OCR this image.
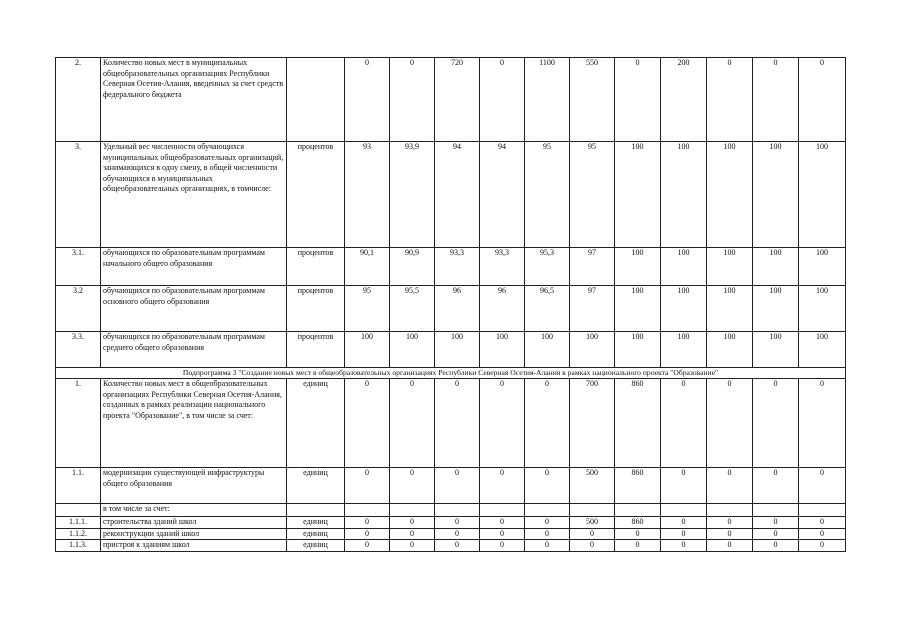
2.	Количество новых мест в муниципальных общеобразовательных организациях Республики Северная Осетия-Алания, введенных за счет средств федерального бюджета		0	0	720	0	1100	550	0	200	0	0	0
3.	Удельный вес численности обучающихся муниципальных общеобразовательных организаций, занимающихся в одну смену, в общей численности обучающихся в муниципальных общеобразовательных организациях, в томчисле:	процентов	93	93,9	94	94	95	95	100	100	100	100	100
3.1.	обучающихся по образовательным программам начального общего образования	процентов	90,1	90,9	93,3	93,3	95,3	97	100	100	100	100	100
3.2	обучающихся по образовательным программам основного общего образования	процентов	95	95,5	96	96	96,5	97	100	100	100	100	100
3.3.	обучающихся по образовательным программам среднего общего образования	процентов	100	100	100	100	100	100	100	100	100	100	100
Подпрограмма 3 "Создание новых мест в общеобразовательных организациях Республики Северная Осетия-Алания в рамках национального проекта "Образование"													
1.	Количество новых мест в общеобразовательных организациях Республики Северная Осетия-Алания, созданных в рамках реализации национального проекта "Образование", в том числе за счет:	единиц	0	0	0	0	0	700	860	0	0	0	0
1.1.	модернизации существующей инфраструктуры общего образования	единиц	0	0	0	0	0	500	860	0	0	0	0
	в том числе за счет:												
1.1.1.	строительства зданий школ	единиц	0	0	0	0	0	500	860	0	0	0	0
1.1.2.	реконструкции зданий школ	единиц	0	0	0	0	0	0	0	0	0	0	0
1.1.3.	пристроя к зданиям школ	единиц	0	0	0	0	0	0	0	0	0	0	0
